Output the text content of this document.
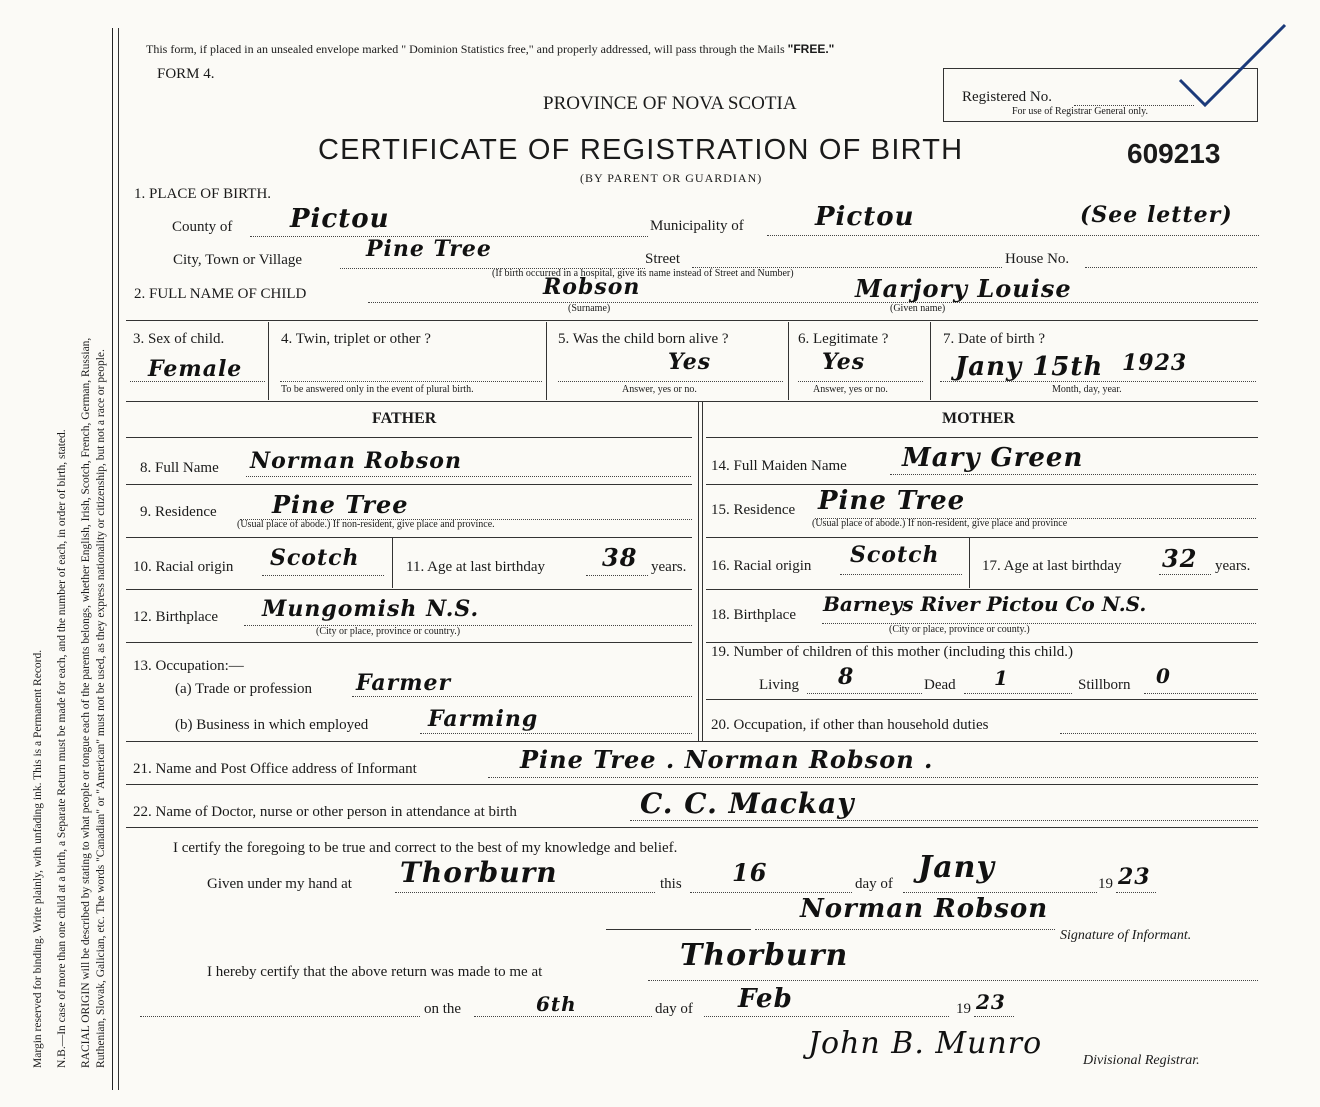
Margin reserved for binding. Write plainly, with unfading ink. This is a Permanent Record. N.B.—In case of more than one child at a birth, a Separate Return must be made for each, and the number of each, in order of birth, stated. RACIAL ORIGIN will be described by stating to what people or tongue each of the parents belongs, whether English, Irish, Scotch, French, German, Russian, Ruthenian, Slovak, Galician, etc. The words "Canadian" or "American" must not be used, as they express nationality or citizenship, but not a race or people.
This form, if placed in an unsealed envelope marked " Dominion Statistics free," and properly addressed, will pass through the Mails "FREE."
FORM 4.
PROVINCE OF NOVA SCOTIA	Registered No.
For use of Registrar General only.
CERTIFICATE OF REGISTRATION OF BIRTH	609213
(BY PARENT OR GUARDIAN)
1. PLACE OF BIRTH.
County of Pictou	Municipality of	Pictou	(See letter)
City, Town or Village	Pine Tree	Street	House No.
(If birth occurred in a hospital, give its name instead of Street and Number)
2. FULL NAME OF CHILD	Robson
(Surname)
Marjory Louise
(Given name)
3. Sex of child.
Female
4. Twin, triplet or other ?
To be answered only in the event of plural birth.
5. Was the child born alive ?
Yes
Answer, yes or no.
6. Legitimate ?
Yes
Answer, yes or no.
7. Date of birth ?
Jany 15th 1923
Month, day, year.
FATHER
8. Full Name Norman Robson
9. Residence Pine Tree
(Usual place of abode.) If non-resident, give place and province.
10. Racial origin Scotch	11. Age at last birthday 38 years.
12. Birthplace Mungomish N.S.
(City or place, province or country.)
13. Occupation:—
(a) Trade or profession Farmer
(b) Business in which employed	Farming
MOTHER
14. Full Maiden Name Mary Green
15. Residence Pine Tree
(Usual place of abode.) If non-resident, give place and province
16. Racial origin Scotch	17. Age at last birthday 32 years.
18. Birthplace Barneys River Pictou Co N.S.
(City or place, province or county.)
19. Number of children of this mother (including this child.)
Living 8	Dead 1	Stillborn 0
20. Occupation, if other than household duties
21. Name and Post Office address of Informant	Pine Tree . Norman Robson .
22. Name of Doctor, nurse or other person in attendance at birth	C. C. Mackay
I certify the foregoing to be true and correct to the best of my knowledge and belief.
Given under my hand at Thorburn	this 16	day of Jany	19 23
Norman Robson
Signature of Informant.
I hereby certify that the above return was made to me at	Thorburn
on the	6th	day of Feb	19 23
John B. Munro	Divisional Registrar.
